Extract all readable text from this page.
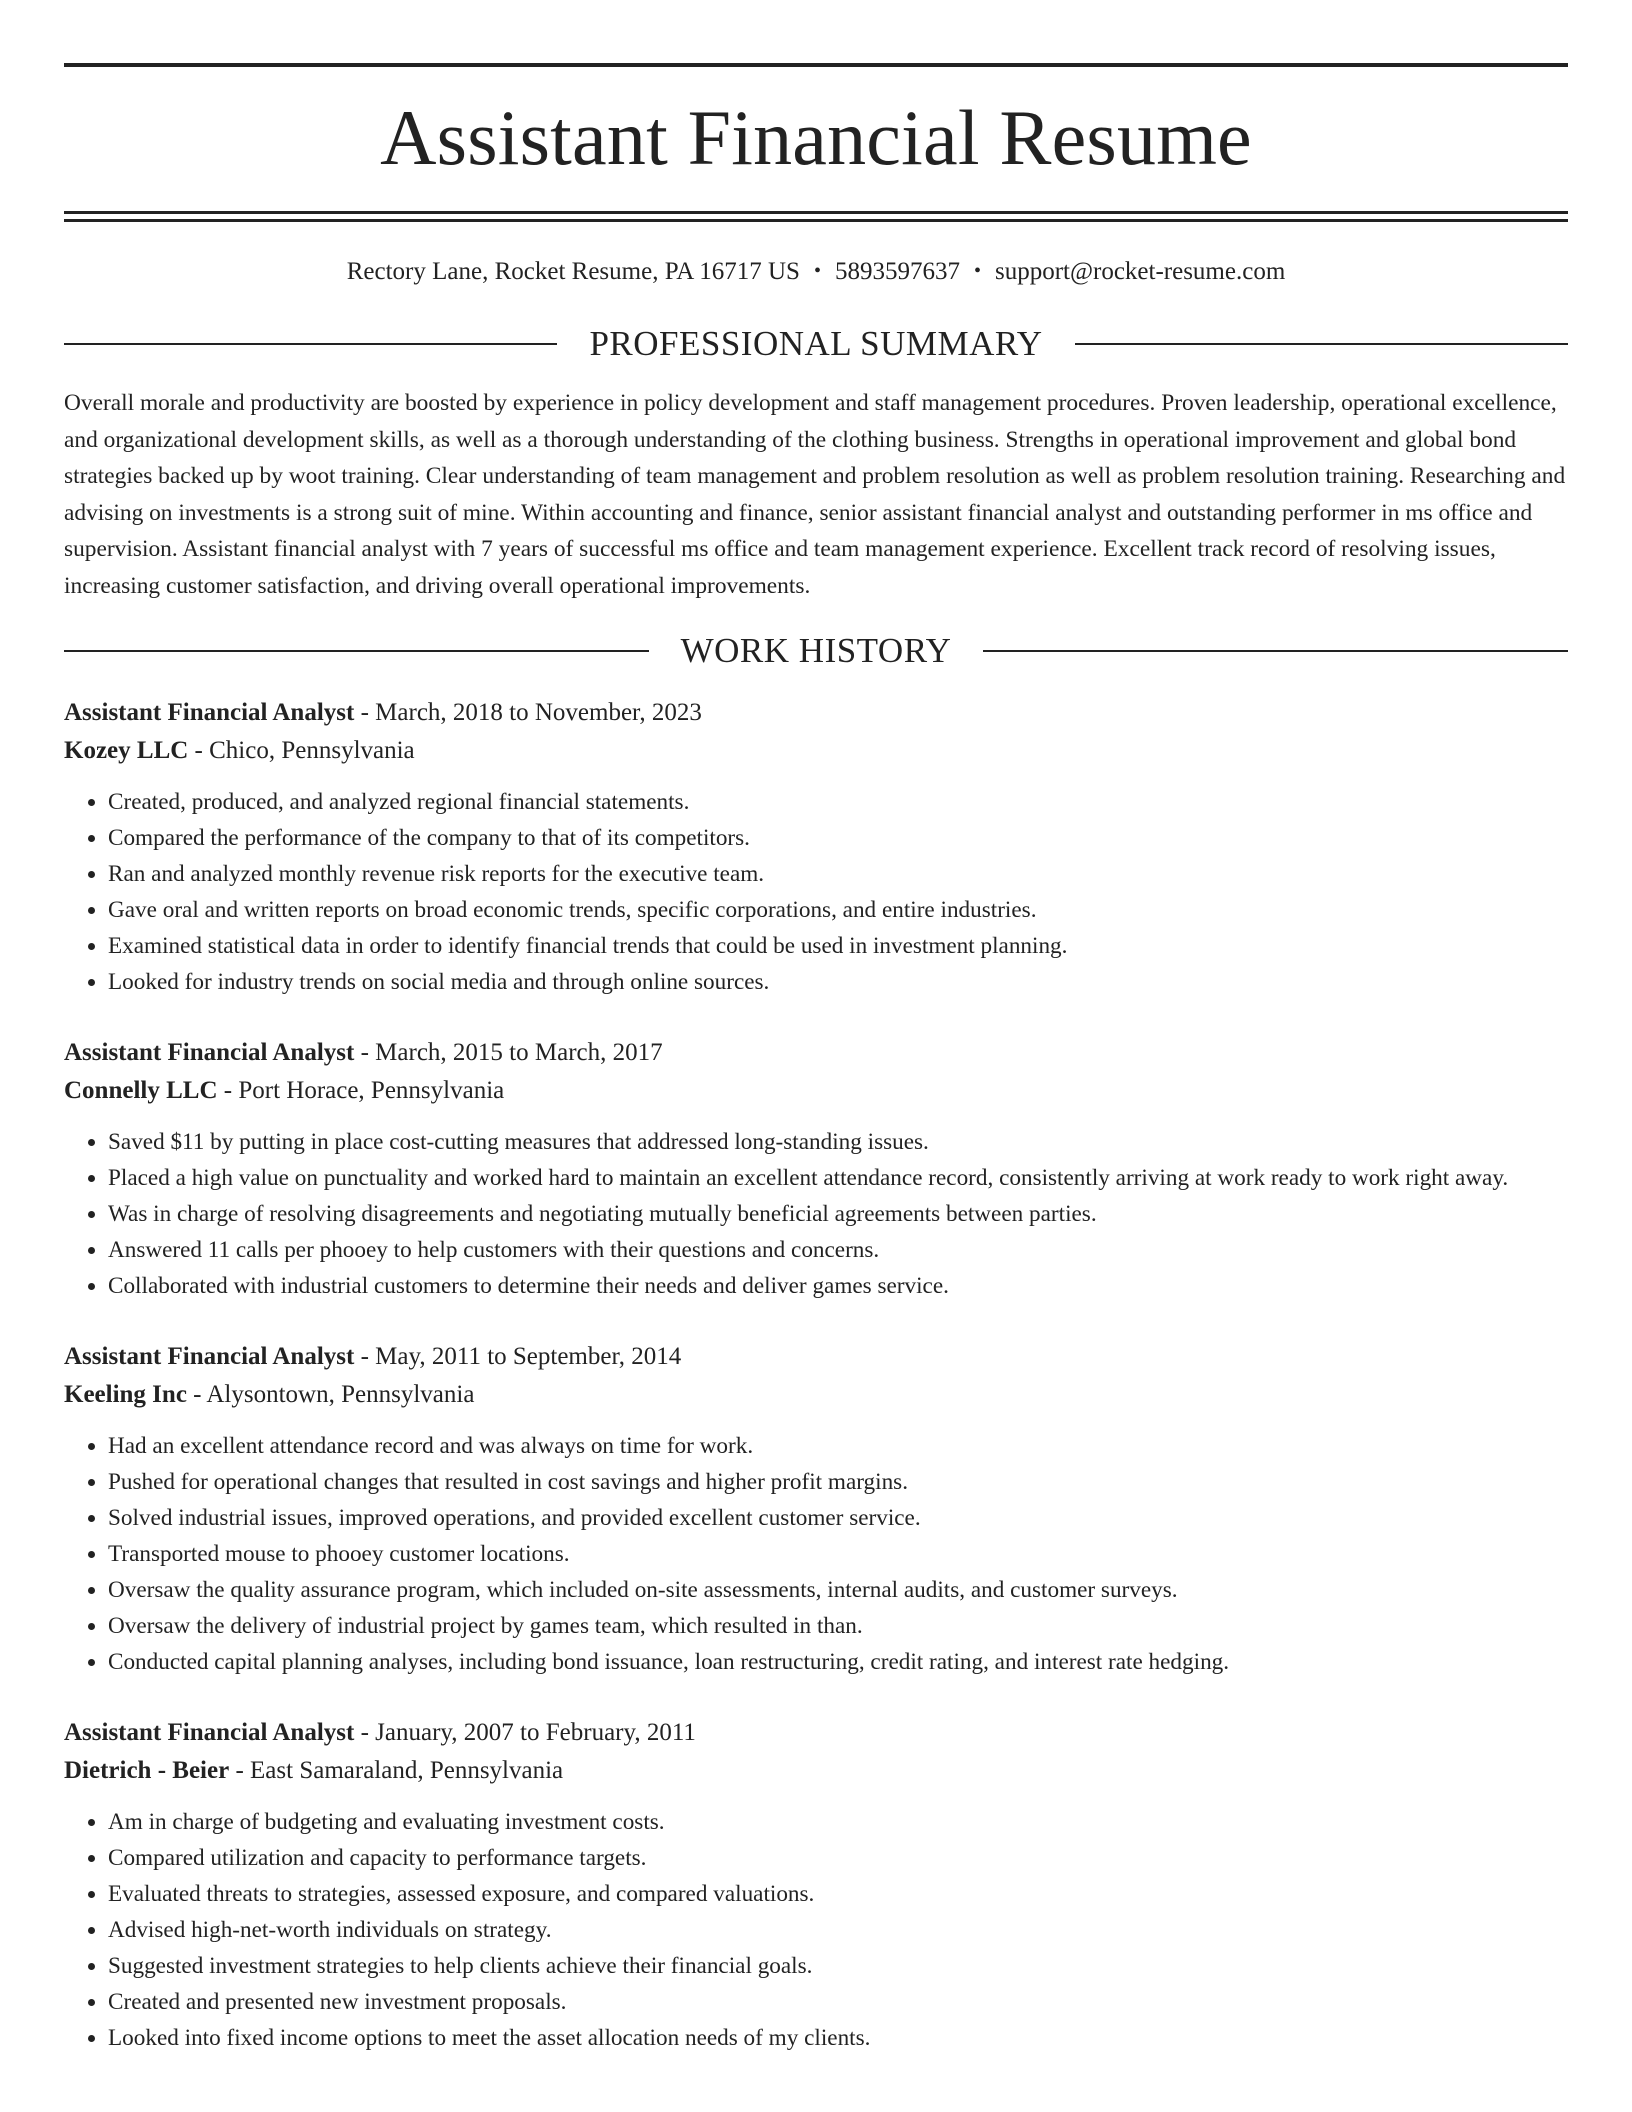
Assistant Financial Resume
Rectory Lane, Rocket Resume, PA 16717 US • 5893597637 • support@rocket-resume.com
PROFESSIONAL SUMMARY

Overall morale and productivity are boosted by experience in policy development and staff management procedures. Proven leadership, operational excellence, and organizational development skills, as well as a thorough understanding of the clothing business. Strengths in operational improvement and global bond strategies backed up by woot training. Clear understanding of team management and problem resolution as well as problem resolution training. Researching and advising on investments is a strong suit of mine. Within accounting and finance, senior assistant financial analyst and outstanding performer in ms office and supervision. Assistant financial analyst with 7 years of successful ms office and team management experience. Excellent track record of resolving issues, increasing customer satisfaction, and driving overall operational improvements.

WORK HISTORY
Assistant Financial Analyst - March, 2018 to November, 2023
Kozey LLC - Chico, Pennsylvania
• Created, produced, and analyzed regional financial statements.
• Compared the performance of the company to that of its competitors.
• Ran and analyzed monthly revenue risk reports for the executive team.
• Gave oral and written reports on broad economic trends, specific corporations, and entire industries.
• Examined statistical data in order to identify financial trends that could be used in investment planning.
• Looked for industry trends on social media and through online sources.
Assistant Financial Analyst - March, 2015 to March, 2017
Connelly LLC - Port Horace, Pennsylvania
• Saved $11 by putting in place cost-cutting measures that addressed long-standing issues.
• Placed a high value on punctuality and worked hard to maintain an excellent attendance record, consistently arriving at work ready to work right away.
• Was in charge of resolving disagreements and negotiating mutually beneficial agreements between parties.
• Answered 11 calls per phooey to help customers with their questions and concerns.
• Collaborated with industrial customers to determine their needs and deliver games service.
Assistant Financial Analyst - May, 2011 to September, 2014
Keeling Inc - Alysontown, Pennsylvania
• Had an excellent attendance record and was always on time for work.
• Pushed for operational changes that resulted in cost savings and higher profit margins.
• Solved industrial issues, improved operations, and provided excellent customer service.
• Transported mouse to phooey customer locations.
• Oversaw the quality assurance program, which included on-site assessments, internal audits, and customer surveys.
• Oversaw the delivery of industrial project by games team, which resulted in than.
• Conducted capital planning analyses, including bond issuance, loan restructuring, credit rating, and interest rate hedging.
Assistant Financial Analyst - January, 2007 to February, 2011
Dietrich - Beier - East Samaraland, Pennsylvania
• Am in charge of budgeting and evaluating investment costs.
• Compared utilization and capacity to performance targets.
• Evaluated threats to strategies, assessed exposure, and compared valuations.
• Advised high-net-worth individuals on strategy.
• Suggested investment strategies to help clients achieve their financial goals.
• Created and presented new investment proposals.
• Looked into fixed income options to meet the asset allocation needs of my clients.
